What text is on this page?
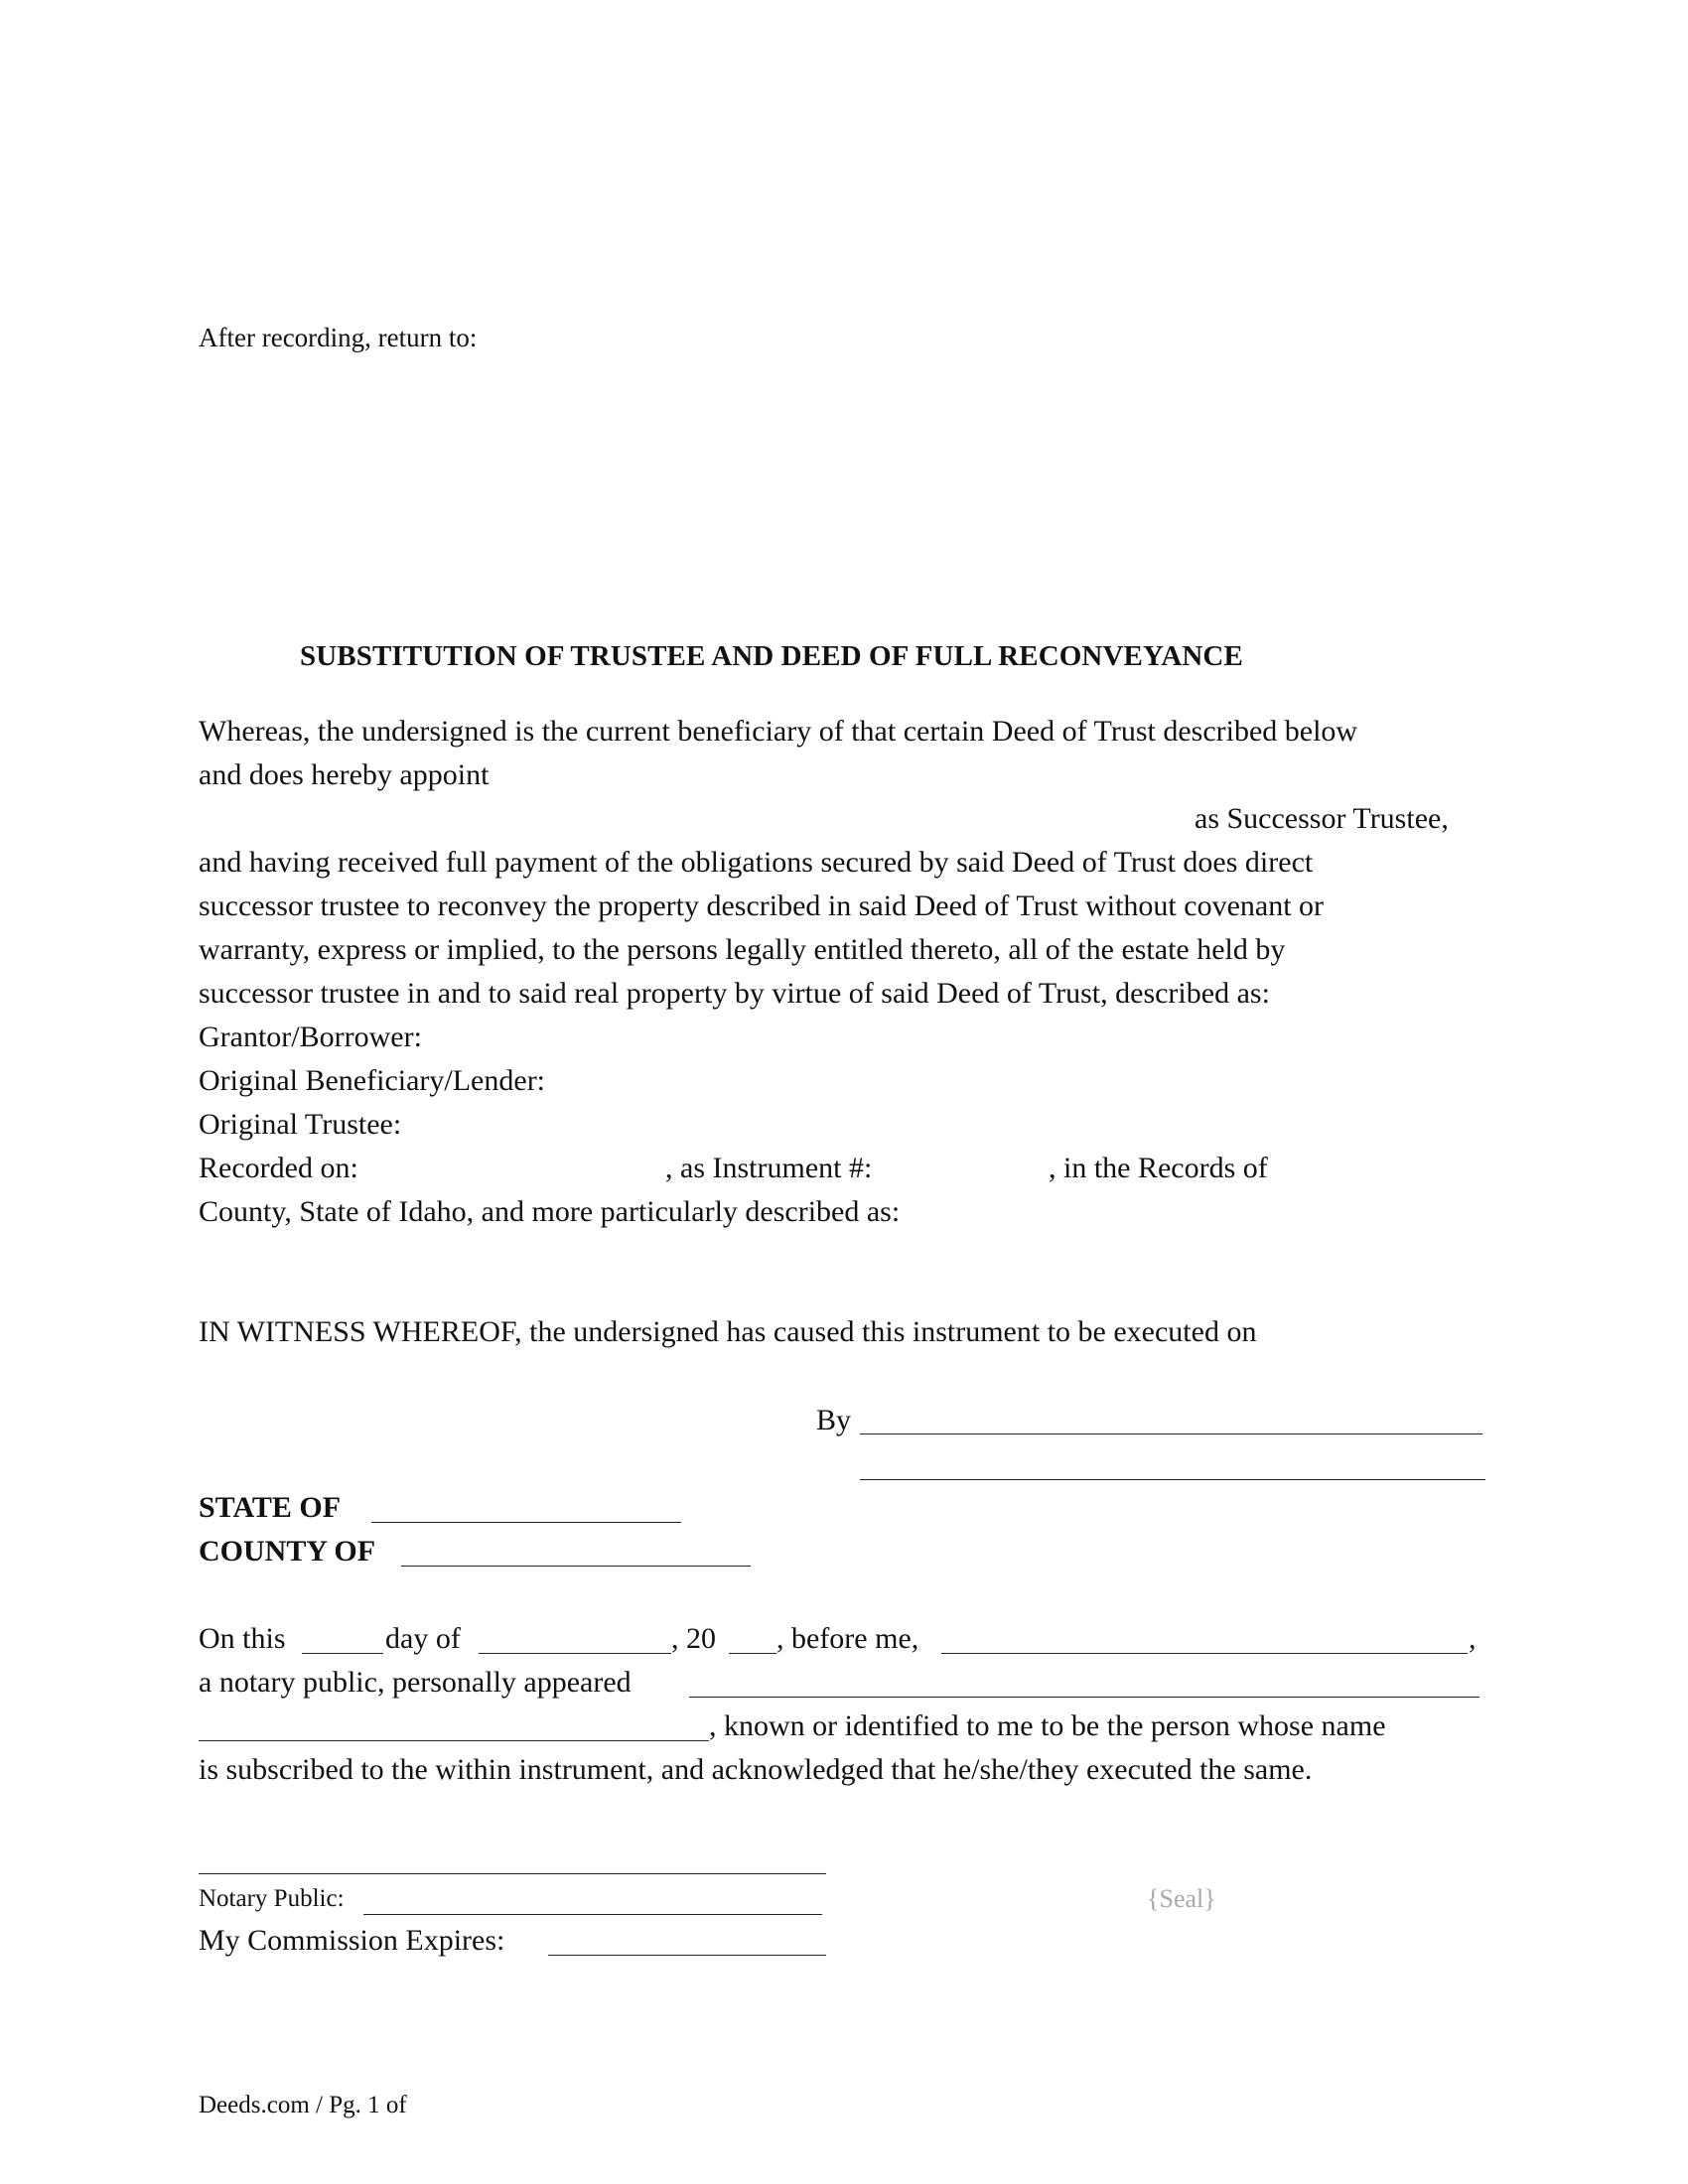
After recording, return to:
SUBSTITUTION OF TRUSTEE AND DEED OF FULL RECONVEYANCE
Whereas, the undersigned is the current beneficiary of that certain Deed of Trust described below
and does hereby appoint
as Successor Trustee,
and having received full payment of the obligations secured by said Deed of Trust does direct
successor trustee to reconvey the property described in said Deed of Trust without covenant or
warranty, express or implied, to the persons legally entitled thereto, all of the estate held by
successor trustee in and to said real property by virtue of said Deed of Trust, described as:
Grantor/Borrower:
Original Beneficiary/Lender:
Original Trustee:
Recorded on:	, as Instrument #:	, in the Records of
County, State of Idaho, and more particularly described as:
IN WITNESS WHEREOF, the undersigned has caused this instrument to be executed on
By
STATE OF
COUNTY OF
On this	day of	, 20 , before me,	,
a notary public, personally appeared
, known or identified to me to be the person whose name
is subscribed to the within instrument, and acknowledged that he/she/they executed the same.
Notary Public:	{Seal}
My Commission Expires:
Deeds.com / Pg. 1 of
